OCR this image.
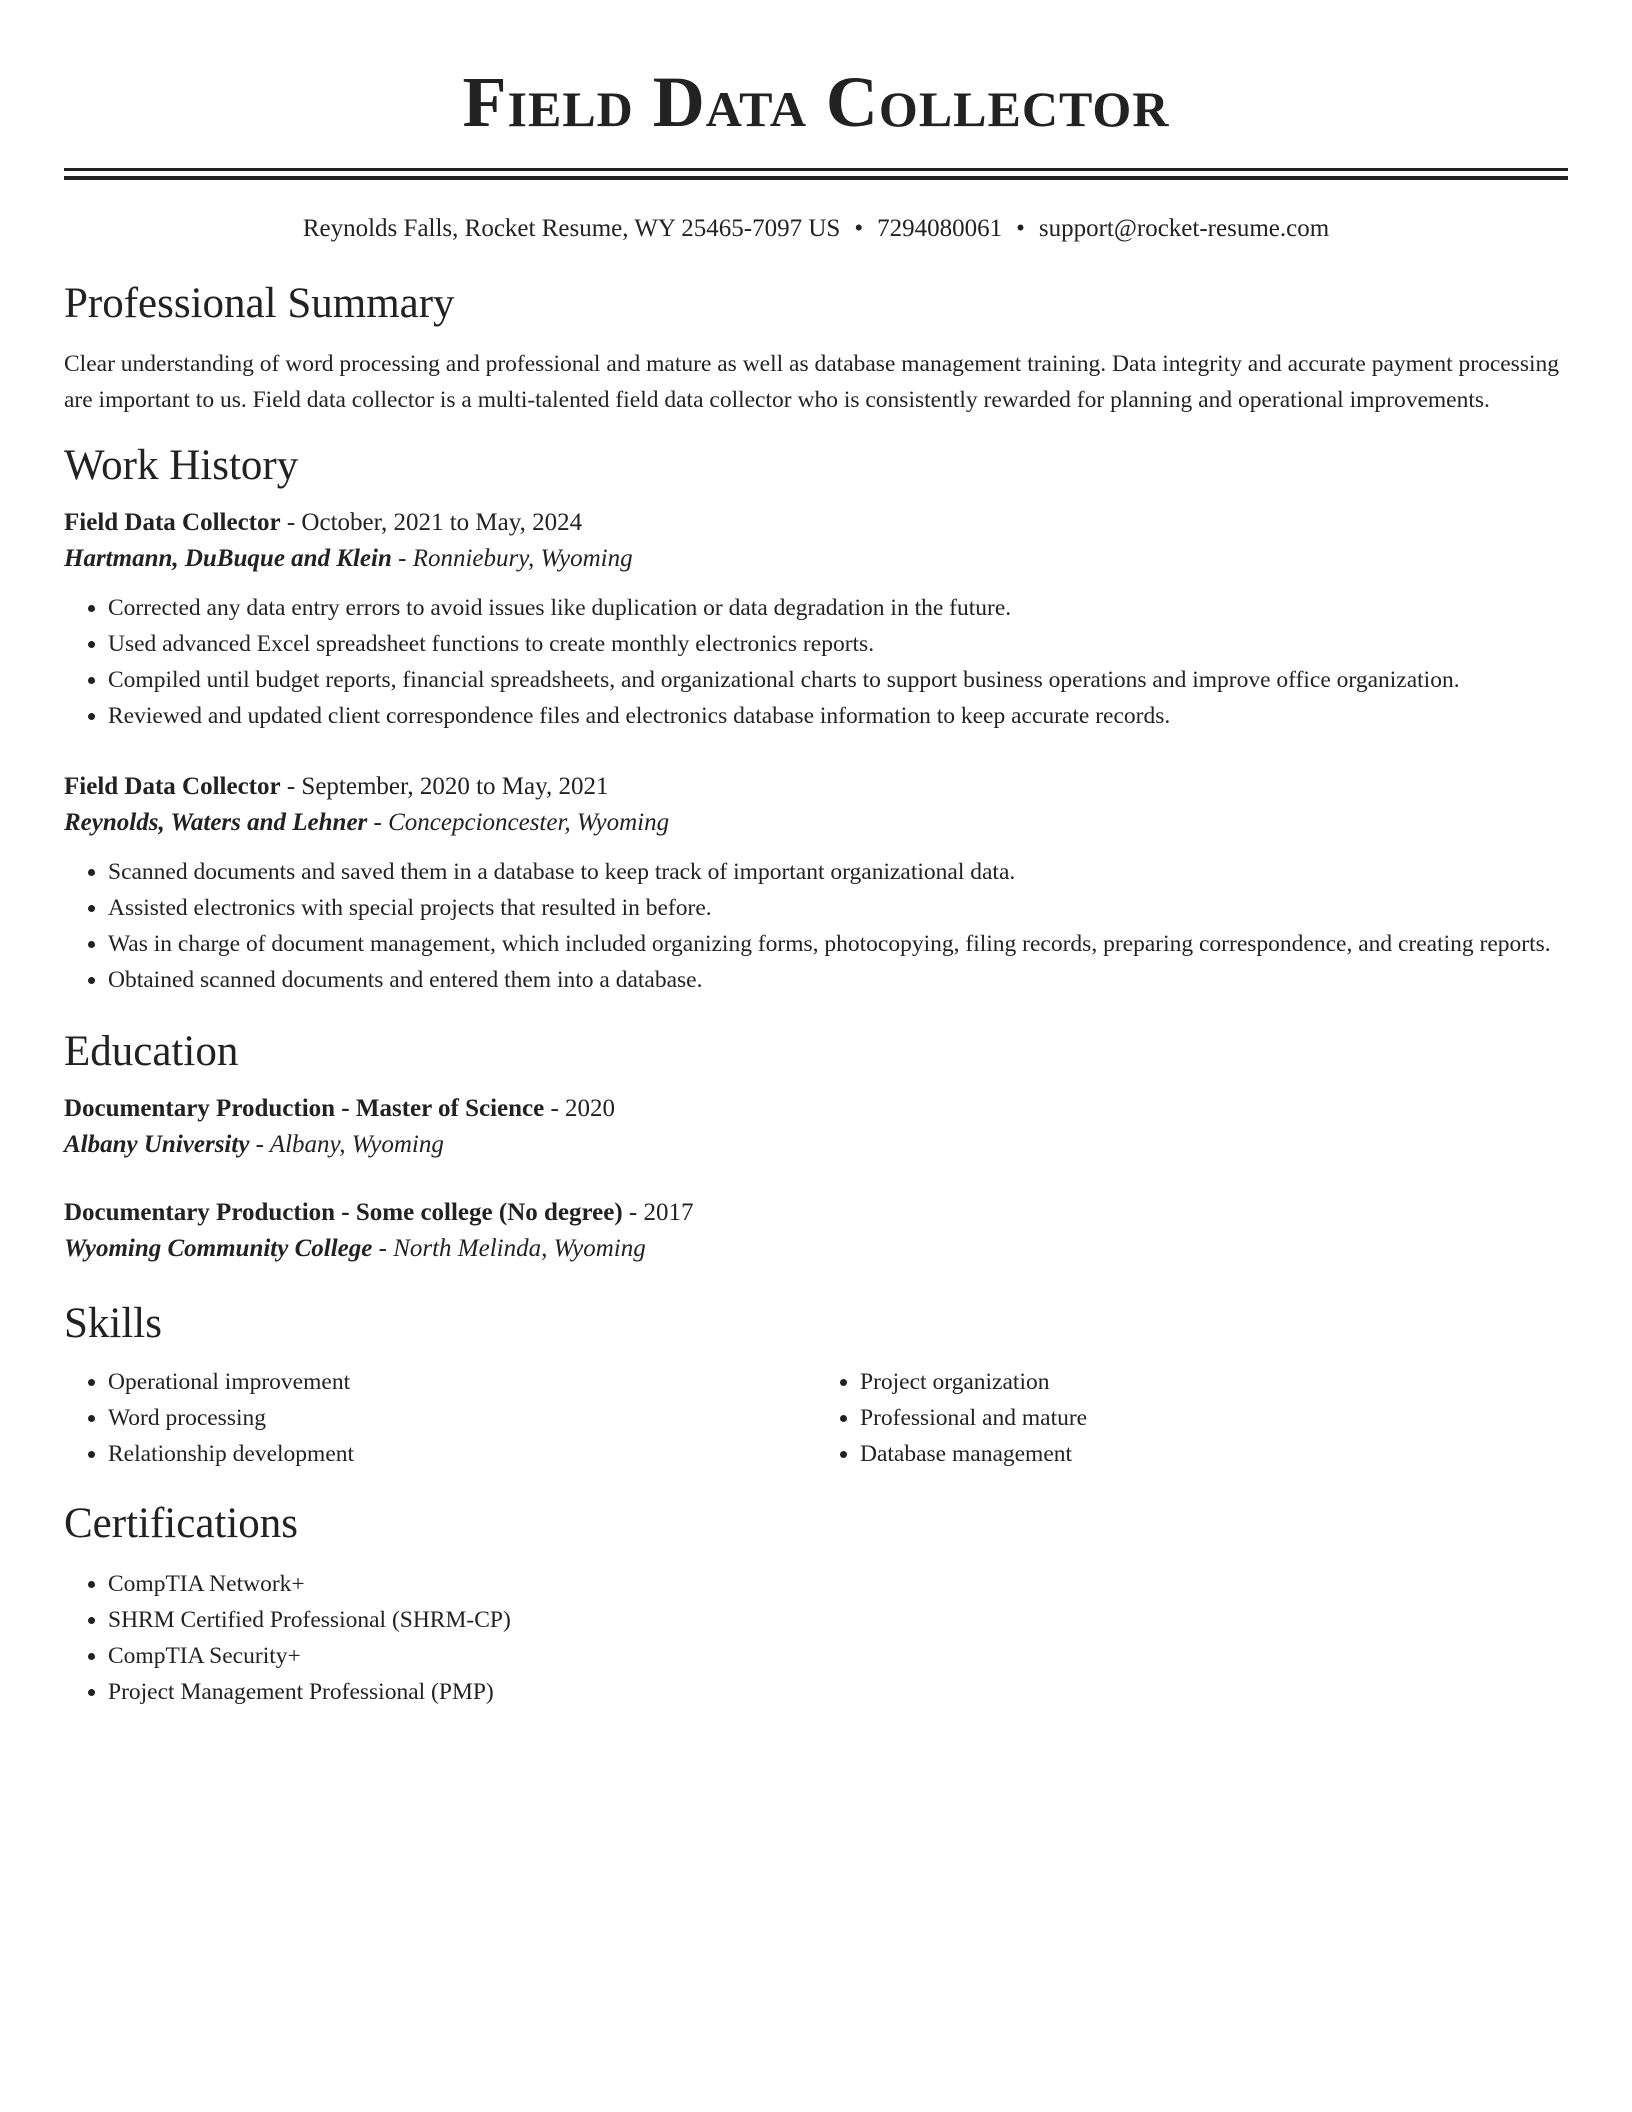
Field Data Collector
Reynolds Falls, Rocket Resume, WY 25465-7097 US • 7294080061 • support@rocket-resume.com
Professional Summary
Clear understanding of word processing and professional and mature as well as database management training. Data integrity and accurate payment processing are important to us. Field data collector is a multi-talented field data collector who is consistently rewarded for planning and operational improvements.
Work History
Field Data Collector - October, 2021 to May, 2024
Hartmann, DuBuque and Klein - Ronniebury, Wyoming
• Corrected any data entry errors to avoid issues like duplication or data degradation in the future.
• Used advanced Excel spreadsheet functions to create monthly electronics reports.
• Compiled until budget reports, financial spreadsheets, and organizational charts to support business operations and improve office organization.
• Reviewed and updated client correspondence files and electronics database information to keep accurate records.
Field Data Collector - September, 2020 to May, 2021
Reynolds, Waters and Lehner - Concepcioncester, Wyoming
• Scanned documents and saved them in a database to keep track of important organizational data.
• Assisted electronics with special projects that resulted in before.
• Was in charge of document management, which included organizing forms, photocopying, filing records, preparing correspondence, and creating reports.
• Obtained scanned documents and entered them into a database.
Education
Documentary Production - Master of Science - 2020
Albany University - Albany, Wyoming
Documentary Production - Some college (No degree) - 2017
Wyoming Community College - North Melinda, Wyoming
Skills
• Operational improvement
• Word processing
• Relationship development
• Project organization
• Professional and mature
• Database management
Certifications
• CompTIA Network+
• SHRM Certified Professional (SHRM-CP)
• CompTIA Security+
• Project Management Professional (PMP)
